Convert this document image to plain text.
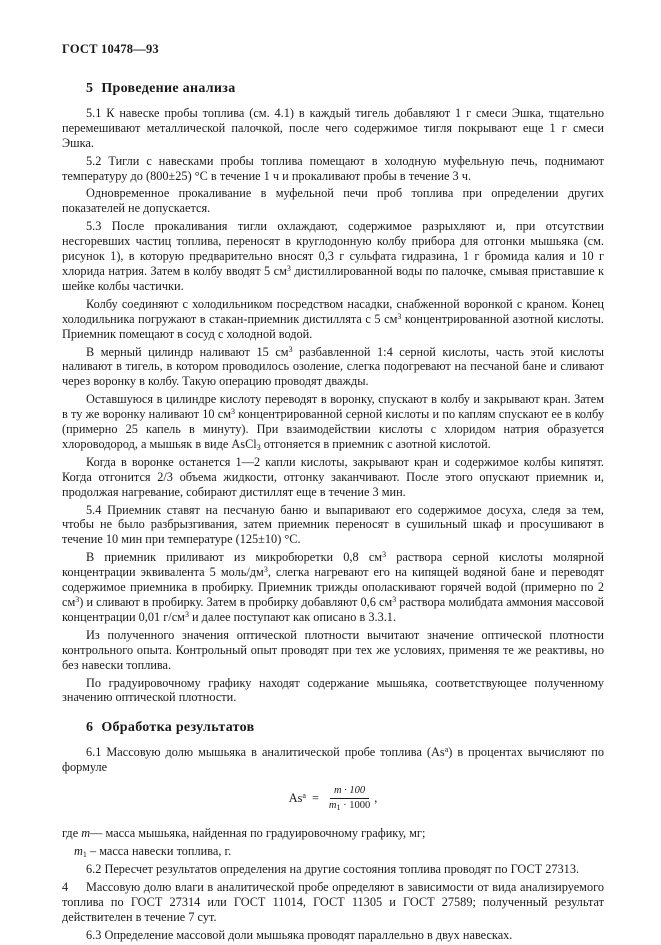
ГОСТ 10478—93
5 Проведение анализа

5.1 К навеске пробы топлива (см. 4.1) в каждый тигель добавляют 1 г смеси Эшка, тщательно перемешивают металлической палочкой, после чего содержимое тигля покрывают еще 1 г смеси Эшка.

5.2 Тигли с навесками пробы топлива помещают в холодную муфельную печь, поднимают температуру до (800±25) °С в течение 1 ч и прокаливают пробы в течение 3 ч.

Одновременное прокаливание в муфельной печи проб топлива при определении других показателей не допускается.

5.3 После прокаливания тигли охлаждают, содержимое разрыхляют и, при отсутствии несгоревших частиц топлива, переносят в круглодонную колбу прибора для отгонки мышьяка (см. рисунок 1), в которую предварительно вносят 0,3 г сульфата гидразина, 1 г бромида калия и 10 г хлорида натрия. Затем в колбу вводят 5 $см^3$ дистиллированной воды по палочке, смывая приставшие к шейке колбы частички.

Колбу соединяют с холодильником посредством насадки, снабженной воронкой с краном. Конец холодильника погружают в стакан-приемник дистиллята с 5 $см^3$ концентрированной азотной кислоты. Приемник помещают в сосуд с холодной водой.

В мерный цилиндр наливают 15 $см^3$ разбавленной 1:4 серной кислоты, часть этой кислоты наливают в тигель, в котором проводилось озоление, слегка подогревают на песчаной бане и сливают через воронку в колбу. Такую операцию проводят дважды.

Оставшуюся в цилиндре кислоту переводят в воронку, спускают в колбу и закрывают кран. Затем в ту же воронку наливают 10 $см^3$ концентрированной серной кислоты и по каплям спускают ее в колбу (примерно 25 капель в минуту). При взаимодействии кислоты с хлоридом натрия образуется хлороводород, а мышьяк в виде AsCl$_3$ отгоняется в приемник с азотной кислотой.

Когда в воронке останется 1—2 капли кислоты, закрывают кран и содержимое колбы кипятят. Когда отгонится 2/3 объема жидкости, отгонку заканчивают. После этого опускают приемник и, продолжая нагревание, собирают дистиллят еще в течение 3 мин.

5.4 Приемник ставят на песчаную баню и выпаривают его содержимое досуха, следя за тем, чтобы не было разбрызгивания, затем приемник переносят в сушильный шкаф и просушивают в течение 10 мин при температуре (125±10) °С.

В приемник приливают из микробюретки 0,8 $см^3$ раствора серной кислоты молярной концентрации эквивалента 5 моль/$дм^3$, слегка нагревают его на кипящей водяной бане и переводят содержимое приемника в пробирку. Приемник трижды ополаскивают горячей водой (примерно по 2 $см^3$) и сливают в пробирку. Затем в пробирку добавляют 0,6 $см^3$ раствора молибдата аммония массовой концентрации 0,01 $г/см^3$ и далее поступают как описано в 3.3.1.

Из полученного значения оптической плотности вычитают значение оптической плотности контрольного опыта. Контрольный опыт проводят при тех же условиях, применяя те же реактивы, но без навески топлива.

По градуировочному графику находят содержание мышьяка, соответствующее полученному значению оптической плотности.

6 Обработка результатов

6.1 Массовую долю мышьяка в аналитической пробе топлива (As$^a$) в процентах вычисляют по формуле

$As^a = \frac{m \cdot 100}{m_1 \cdot 1000}$ ,

где m— масса мышьяка, найденная по градуировочному графику, мг;

$m_1$ – масса навески топлива, г.

6.2 Пересчет результатов определения на другие состояния топлива проводят по ГОСТ 27313.

Массовую долю влаги в аналитической пробе определяют в зависимости от вида анализируемого топлива по ГОСТ 27314 или ГОСТ 11014, ГОСТ 11305 и ГОСТ 27589; полученный результат действителен в течение 7 сут.

6.3 Определение массовой доли мышьяка проводят параллельно в двух навесках.

4
